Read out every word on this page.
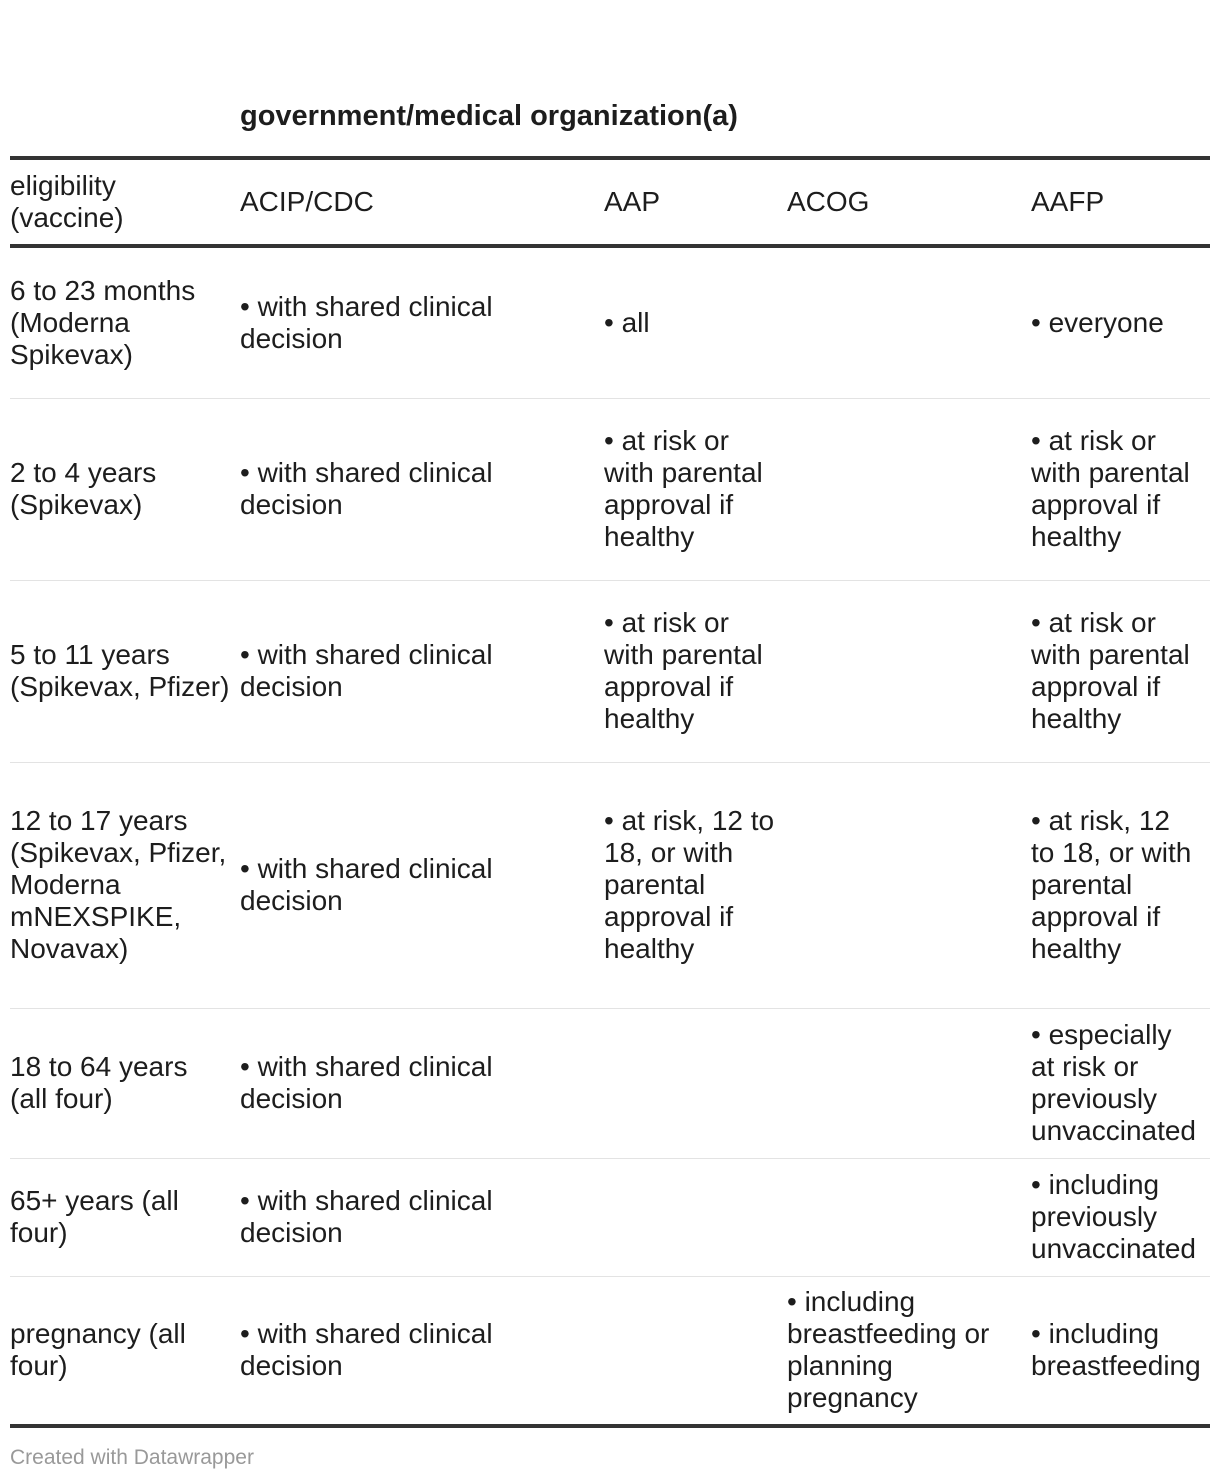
	government/medical organization(a)			
eligibility (vaccine)	ACIP/CDC	AAP	ACOG	AAFP
6 to 23 months (Moderna Spikevax)	• with shared clinical decision	• all		• everyone
2 to 4 years (Spikevax)	• with shared clinical decision	• at risk or with parental approval if healthy		• at risk or with parental approval if healthy
5 to 11 years (Spikevax, Pfizer)	• with shared clinical decision	• at risk or with parental approval if healthy		• at risk or with parental approval if healthy
12 to 17 years (Spikevax, Pfizer, Moderna mNEXSPIKE, Novavax)	• with shared clinical decision	• at risk, 12 to 18, or with parental approval if healthy		• at risk, 12 to 18, or with parental approval if healthy
18 to 64 years (all four)	• with shared clinical decision			• especially at risk or previously unvaccinated
65+ years (all four)	• with shared clinical decision			• including previously unvaccinated
pregnancy (all four)	• with shared clinical decision		• including breastfeeding or planning pregnancy	• including breastfeeding
Created with Datawrapper
